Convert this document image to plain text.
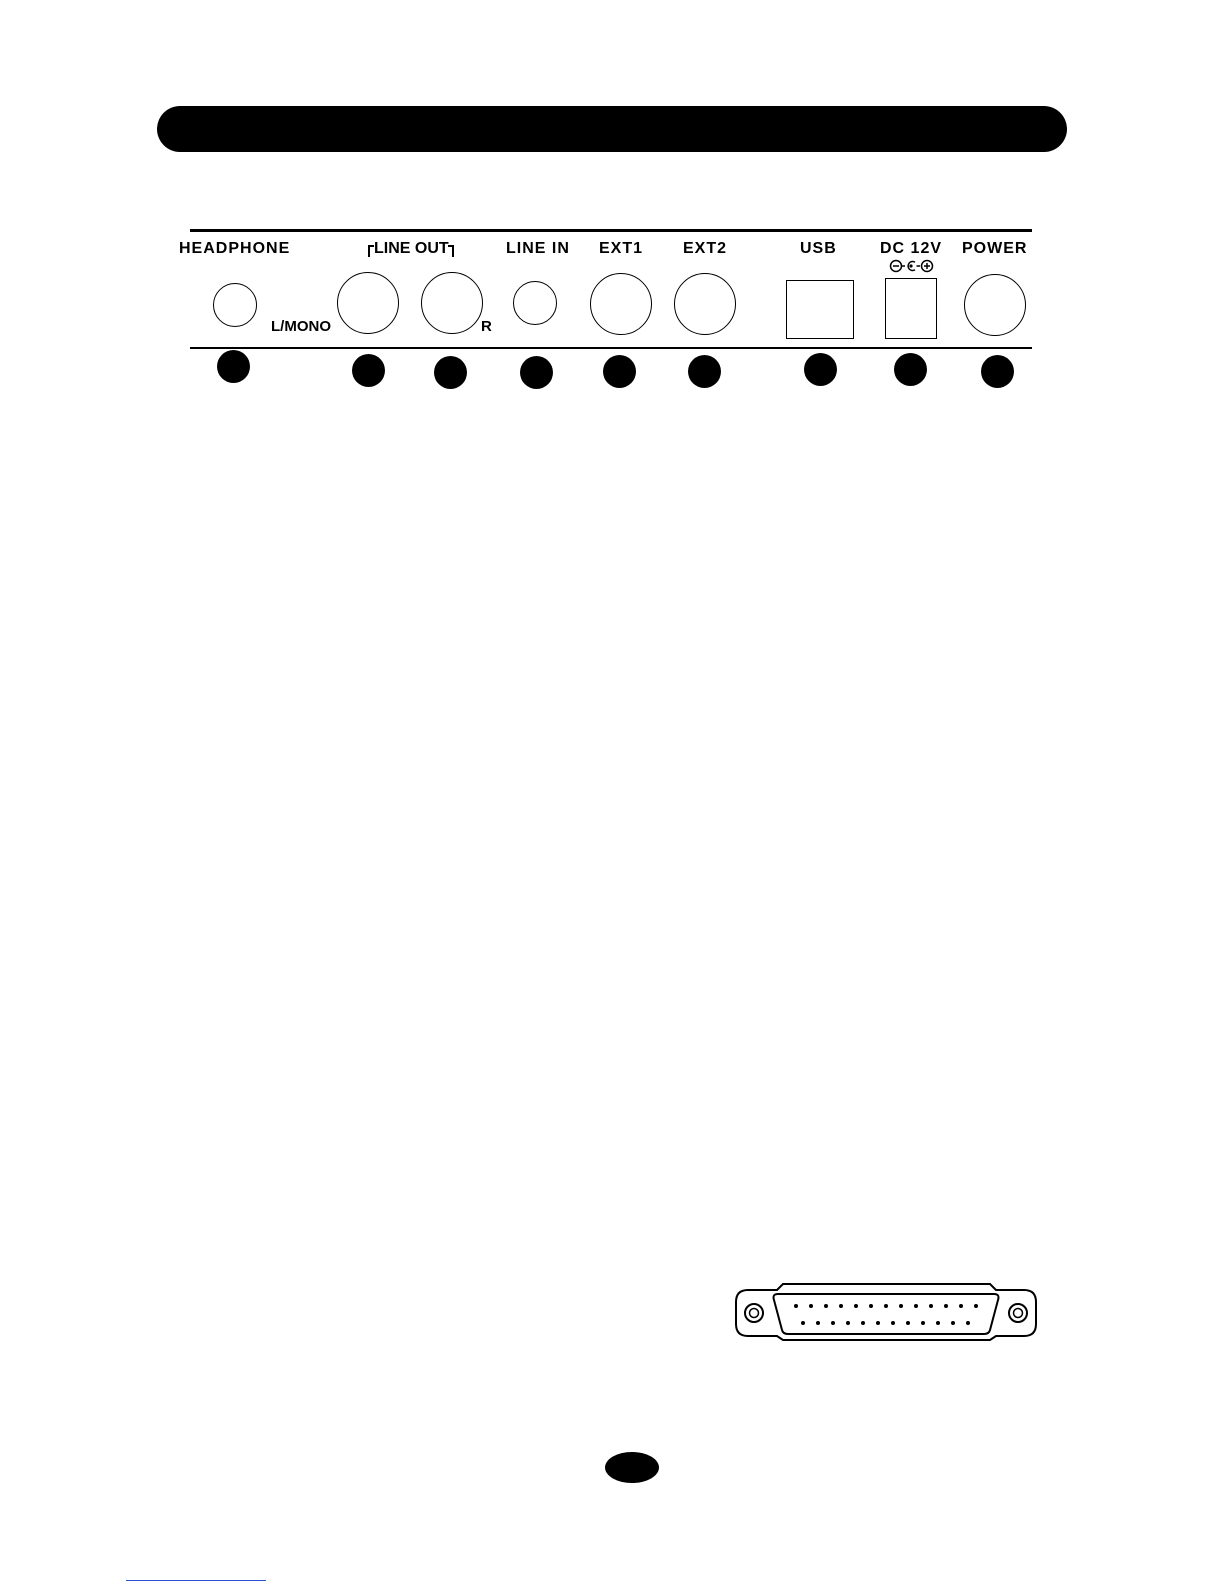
HEADPHONE	LINE OUT	LINE IN EXT1 EXT2	USB	DC 12V POWER
L/MONO	R
